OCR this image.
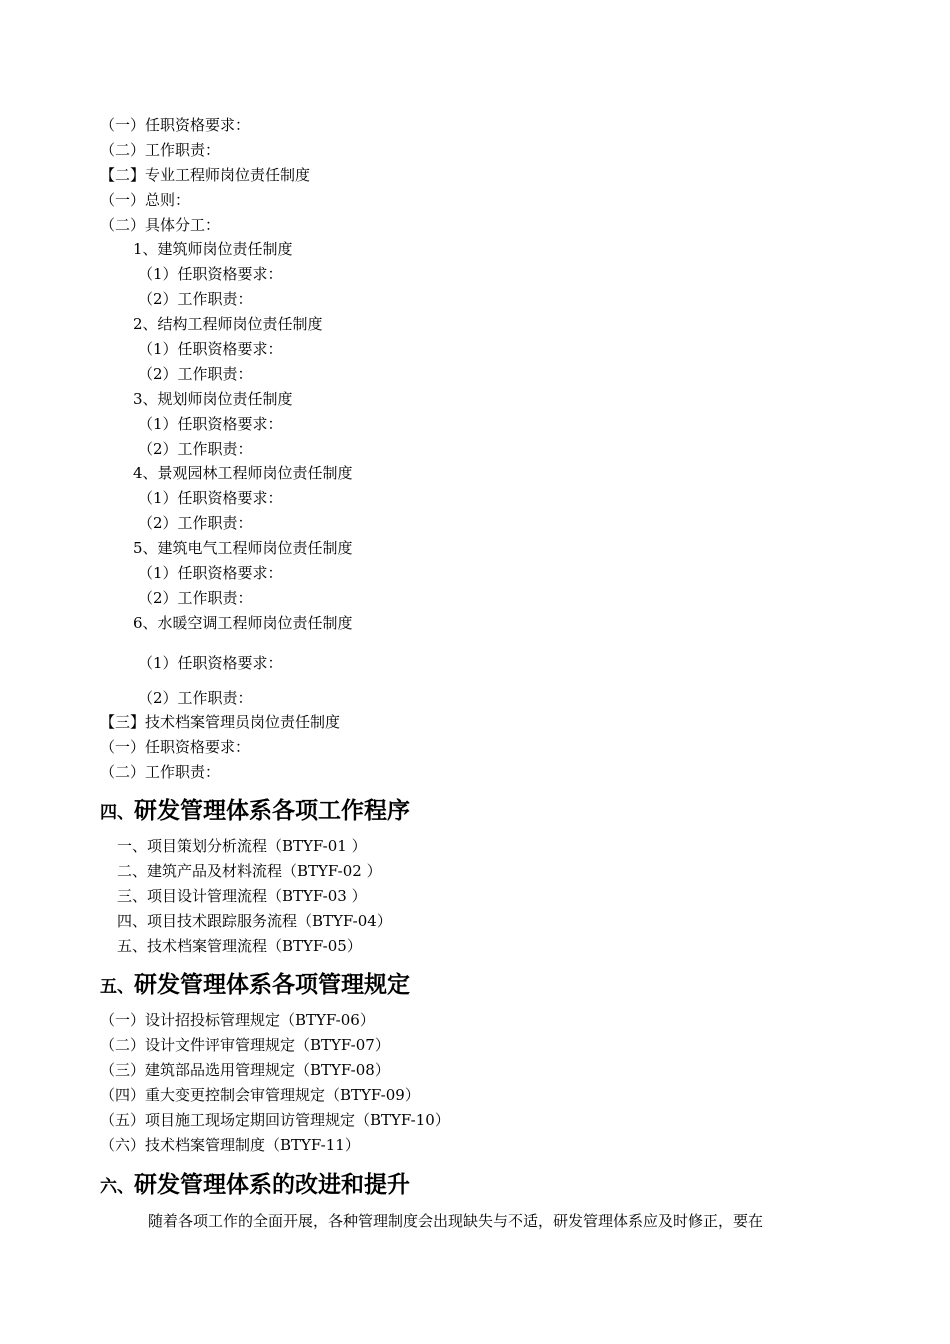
（一）任职资格要求：
（二）工作职责：
【二】专业工程师岗位责任制度
（一）总则：
（二）具体分工：
1、建筑师岗位责任制度
（1）任职资格要求：
（2）工作职责：
2、结构工程师岗位责任制度
（1）任职资格要求：
（2）工作职责：
3、规划师岗位责任制度
（1）任职资格要求：
（2）工作职责：
4、景观园林工程师岗位责任制度
（1）任职资格要求：
（2）工作职责：
5、建筑电气工程师岗位责任制度
（1）任职资格要求：
（2）工作职责：
6、水暖空调工程师岗位责任制度
（1）任职资格要求：
（2）工作职责：
【三】技术档案管理员岗位责任制度
（一）任职资格要求：
（二）工作职责：
四、研发管理体系各项工作程序
一、项目策划分析流程（BTYF-01 ）
二、建筑产品及材料流程（BTYF-02 ）
三、项目设计管理流程（BTYF-03 ）
四、项目技术跟踪服务流程（BTYF-04）
五、技术档案管理流程（BTYF-05）
五、研发管理体系各项管理规定
（一）设计招投标管理规定（BTYF-06）
（二）设计文件评审管理规定（BTYF-07）
（三）建筑部品选用管理规定（BTYF-08）
（四）重大变更控制会审管理规定（BTYF-09）
（五）项目施工现场定期回访管理规定（BTYF-10）
（六）技术档案管理制度（BTYF-11）
六、研发管理体系的改进和提升
随着各项工作的全面开展，各种管理制度会出现缺失与不适，研发管理体系应及时修正，要在
